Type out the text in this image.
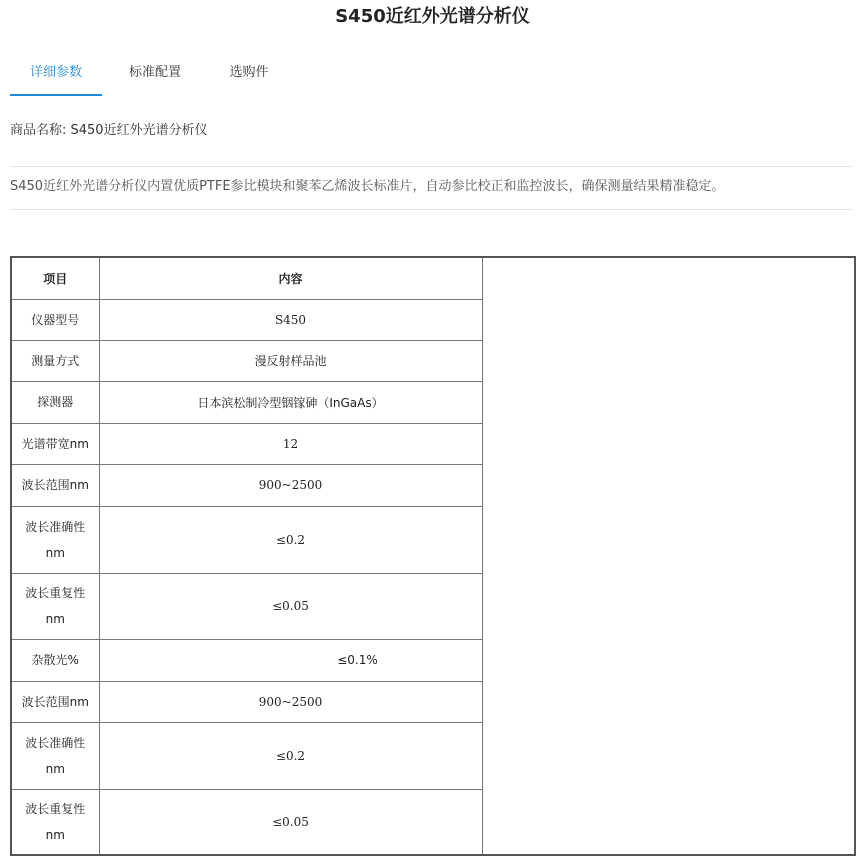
S450近红外光谱分析仪
详细参数	标准配置	选购件
商品名称: S450近红外光谱分析仪
S450近红外光谱分析仪内置优质PTFE参比模块和聚苯乙烯波长标准片，自动参比校正和监控波长，确保测量结果精准稳定。
项目	内容	
仪器型号	S450	
测量方式	漫反射样品池	
探测器	日本滨松制冷型铟镓砷（InGaAs）	
光谱带宽nm	12	
波长范围nm	900~2500	
波长准确性nm	≤0.2	
波长重复性nm	≤0.05	
杂散光%	≤0.1%	
波长范围nm	900~2500	
波长准确性nm	≤0.2	
波长重复性nm	≤0.05	
